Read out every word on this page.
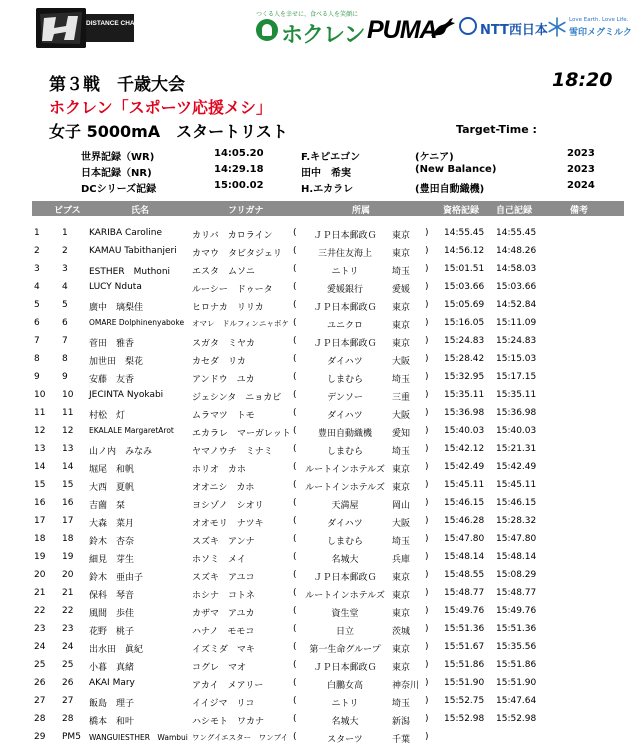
DISTANCE CHALLENGE
つくる人を幸せに、食べる人を笑顔に
ホクレン PUMA	NTT西日本
Love Earth. Love Life.
雪印メグミルク
第３戦　千歳大会	18:20
ホクレン「スポーツ応援メシ」
女子 5000mA　スタートリスト	Target-Time :
世界記録（WR)	14:05.20	F.キピエゴン	(ケニア)	2023
日本記録（NR)	14:29.18	田中　希実	(New Balance)	2023
DCシリーズ記録	15:00.02	H.エカラレ	(豊田自動織機)	2024
ビブス	氏名	フリガナ	所属	資格記録 自己記録	備考
1 1 KARIBA Caroline	カリバ　カロライン (	ＪＰ日本郵政Ｇ	東京 ) 14:55.45 14:55.45
2 2 KAMAU Tabithanjeri カマウ　タビタジェリ (	三井住友海上	東京 ) 14:56.12 14:48.26
3 3 ESTHER　Muthoni エスタ　ムソニ	(	ニトリ	埼玉 ) 15:01.51 14:58.03
4 4 LUCY Nduta	ルーシー　ドゥータ (	愛媛銀行	愛媛 ) 15:03.66 15:03.66
5 5 廣中　璃梨佳	ヒロナカ　リリカ	(	ＪＰ日本郵政Ｇ	東京 ) 15:05.69 14:52.84
6 6	OMARE Dolphinenyaboke オマレ　ドルフィンニャボケ (	ユニクロ	東京 ) 15:16.05 15:11.09
7 7 菅田　雅香	スガタ　ミヤカ	(	ＪＰ日本郵政Ｇ	東京 ) 15:24.83 15:24.83
8 8 加世田　梨花	カセダ　リカ	(	ダイハツ	大阪 ) 15:28.42 15:15.03
9 9 安藤　友香	アンドウ　ユカ	(	しまむら	埼玉 ) 15:32.95 15:17.15
10 10 JECINTA Nyokabi	ジェシンタ　ニョカビ (	デンソー	三重 ) 15:35.11 15:35.11
11 11 村松　灯	ムラマツ　トモ	(	ダイハツ	大阪 ) 15:36.98 15:36.98
12 12 EKALALE MargaretArot エカラレ　マーガレット (	豊田自動織機	愛知 ) 15:40.03 15:40.03
13 13 山ノ内　みなみ	ヤマノウチ　ミナミ (	しまむら	埼玉 ) 15:42.12 15:21.31
14 14 堀尾　和帆	ホリオ　カホ	( ルートインホテルズ 東京 ) 15:42.49 15:42.49
15 15 大西　夏帆	オオニシ　カホ	( ルートインホテルズ 東京 ) 15:45.11 15:45.11
16 16 吉薗　栞	ヨシゾノ　シオリ	(	天満屋	岡山 ) 15:46.15 15:46.15
17 17 大森　菜月	オオモリ　ナツキ	(	ダイハツ	大阪 ) 15:46.28 15:28.32
18 18 鈴木　杏奈	スズキ　アンナ	(	しまむら	埼玉 ) 15:47.80 15:47.80
19 19 細見　芽生	ホソミ　メイ	(	名城大	兵庫 ) 15:48.14 15:48.14
20 20 鈴木　亜由子	スズキ　アユコ	(	ＪＰ日本郵政Ｇ	東京 ) 15:48.55 15:08.29
21 21 保科　琴音	ホシナ　コトネ	( ルートインホテルズ 東京 ) 15:48.77 15:48.77
22 22 風間　歩佳	カザマ　アユカ	(	資生堂	東京 ) 15:49.76 15:49.76
23 23 花野　桃子	ハナノ　モモコ	(	日立	茨城 ) 15:51.36 15:51.36
24 24 出水田　眞紀	イズミダ　マキ	(	第一生命グループ	東京 ) 15:51.67 15:35.56
25 25 小暮　真緒	コグレ　マオ	(	ＪＰ日本郵政Ｇ	東京 ) 15:51.86 15:51.86
26 26 AKAI Mary	アカイ　メアリー	(	白鵬女高	神奈川 ) 15:51.90 15:51.90
27 27 飯島　理子	イイジマ　リコ	(	ニトリ	埼玉 ) 15:52.75 15:47.64
28 28 橋本　和叶	ハシモト　ワカナ	(	名城大	新潟 ) 15:52.98 15:52.98
29 PM5 WANGUIESTHER　Wambui ワングイエスター　ワンブイ (	スターツ	千葉 )
